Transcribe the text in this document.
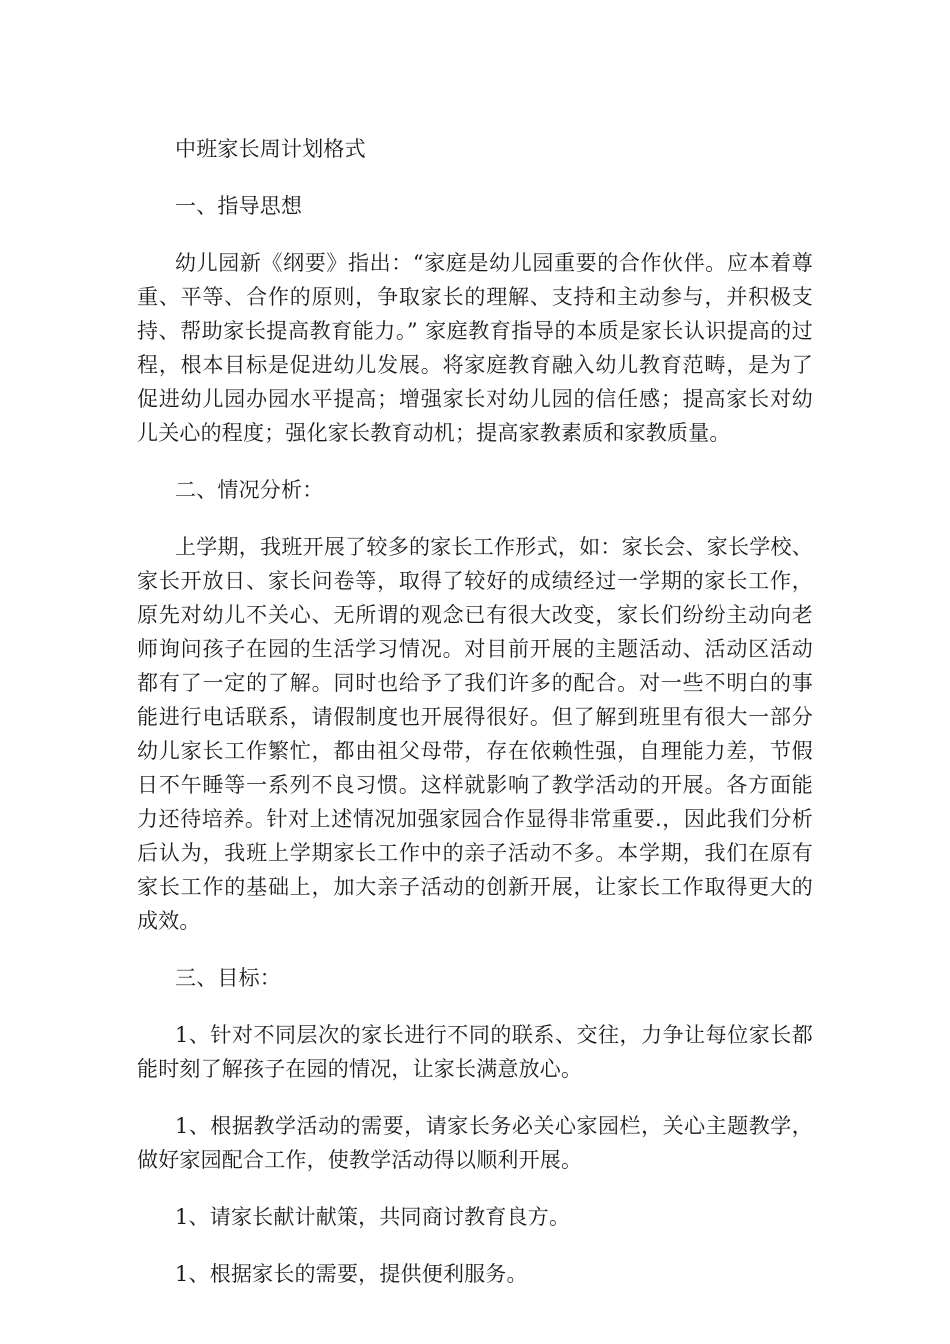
中班家长周计划格式

一、指导思想

幼儿园新《纲要》指出：“家庭是幼儿园重要的合作伙伴。应本着尊重、平等、合作的原则，争取家长的理解、支持和主动参与，并积极支持、帮助家长提高教育能力。” 家庭教育指导的本质是家长认识提高的过程，根本目标是促进幼儿发展。将家庭教育融入幼儿教育范畴，是为了促进幼儿园办园水平提高；增强家长对幼儿园的信任感；提高家长对幼儿关心的程度；强化家长教育动机；提高家教素质和家教质量。

二、情况分析：

上学期，我班开展了较多的家长工作形式，如：家长会、家长学校、家长开放日、家长问卷等，取得了较好的成绩经过一学期的家长工作，原先对幼儿不关心、无所谓的观念已有很大改变，家长们纷纷主动向老师询问孩子在园的生活学习情况。对目前开展的主题活动、活动区活动都有了一定的了解。同时也给予了我们许多的配合。对一些不明白的事能进行电话联系，请假制度也开展得很好。但了解到班里有很大一部分幼儿家长工作繁忙，都由祖父母带，存在依赖性强，自理能力差，节假日不午睡等一系列不良习惯。这样就影响了教学活动的开展。各方面能力还待培养。针对上述情况加强家园合作显得非常重要.，因此我们分析后认为，我班上学期家长工作中的亲子活动不多。本学期，我们在原有家长工作的基础上，加大亲子活动的创新开展，让家长工作取得更大的成效。

三、目标：

1、针对不同层次的家长进行不同的联系、交往，力争让每位家长都能时刻了解孩子在园的情况，让家长满意放心。

1、根据教学活动的需要，请家长务必关心家园栏，关心主题教学，做好家园配合工作，使教学活动得以顺利开展。

1、请家长献计献策，共同商讨教育良方。

1、根据家长的需要，提供便利服务。
